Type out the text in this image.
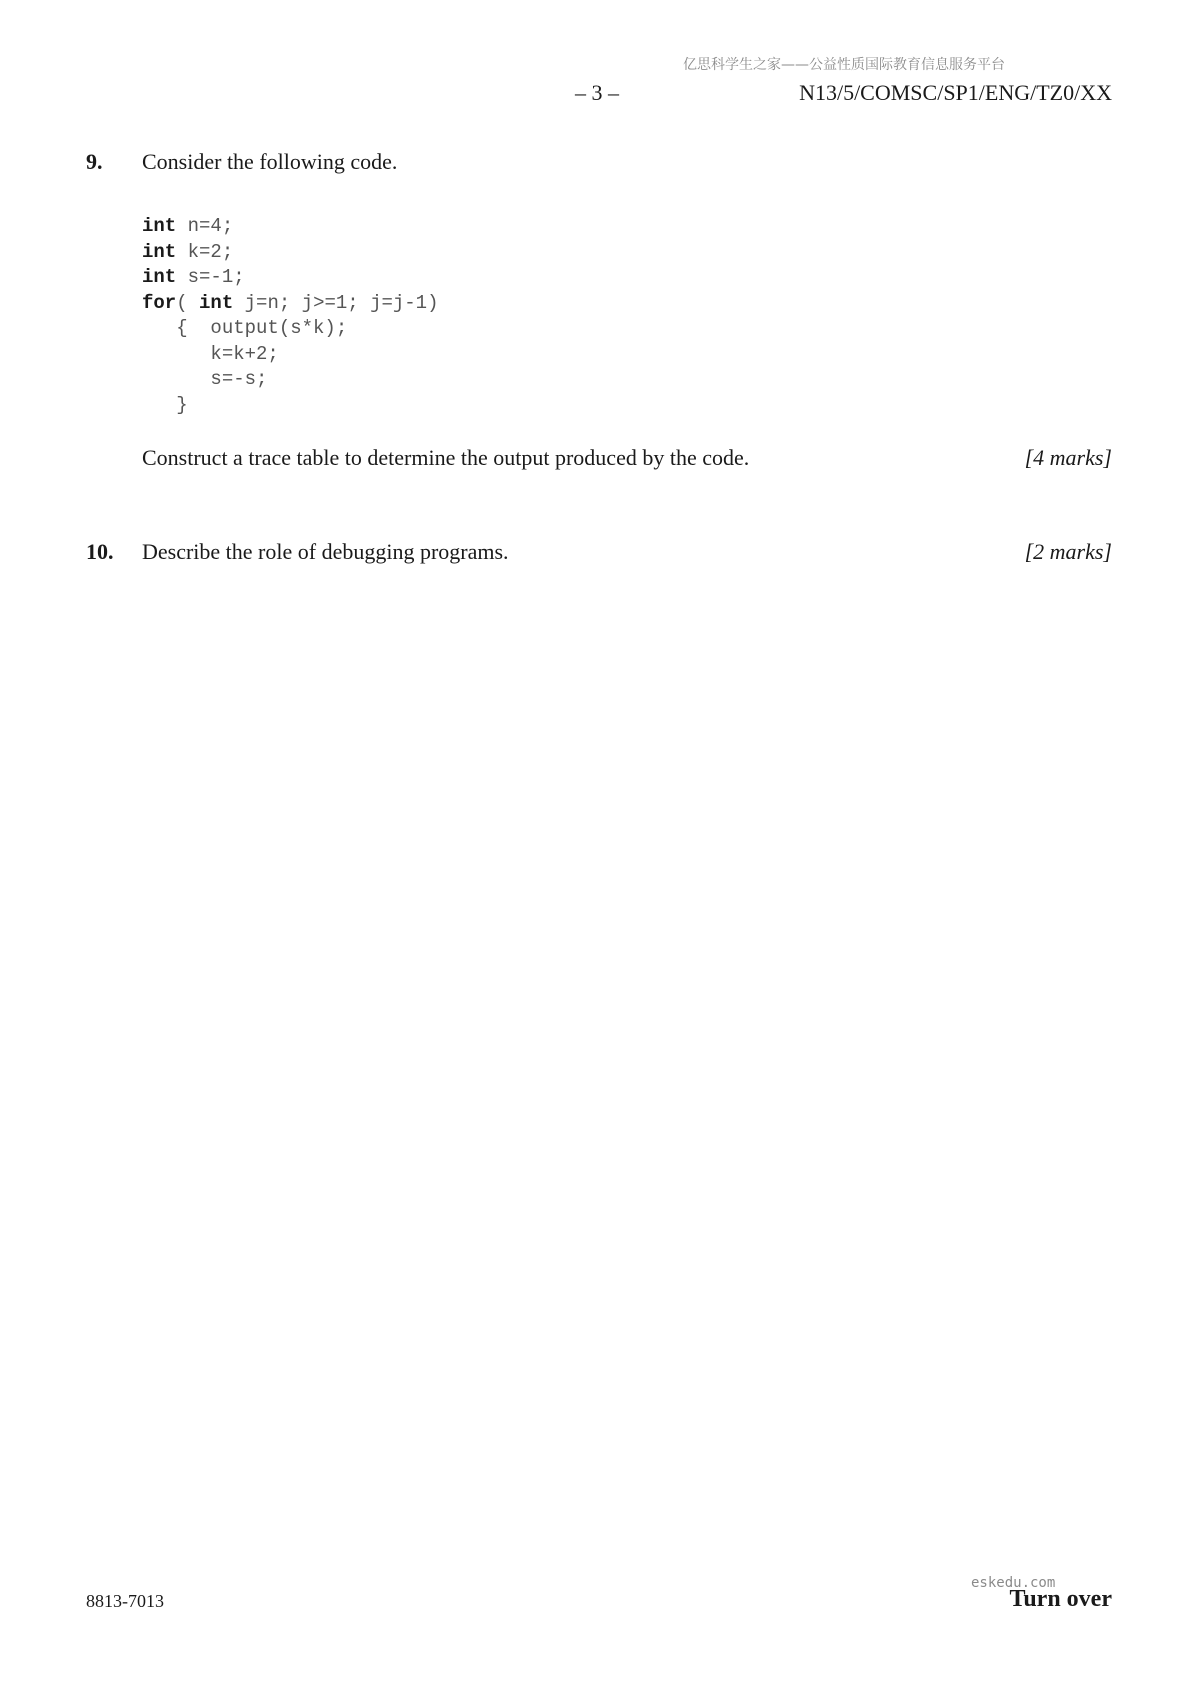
亿思科学生之家——公益性质国际教育信息服务平台
– 3 –	N13/5/COMSC/SP1/ENG/TZ0/XX
9. Consider the following code.
int n=4;
int k=2;
int s=-1;
for( int j=n; j>=1; j=j-1)
{  output(s*k);
k=k+2;
s=-s;
}
Construct a trace table to determine the output produced by the code.	[4 marks]
10. Describe the role of debugging programs.	[2 marks]
8813-7013	Turn over
eskedu.com
